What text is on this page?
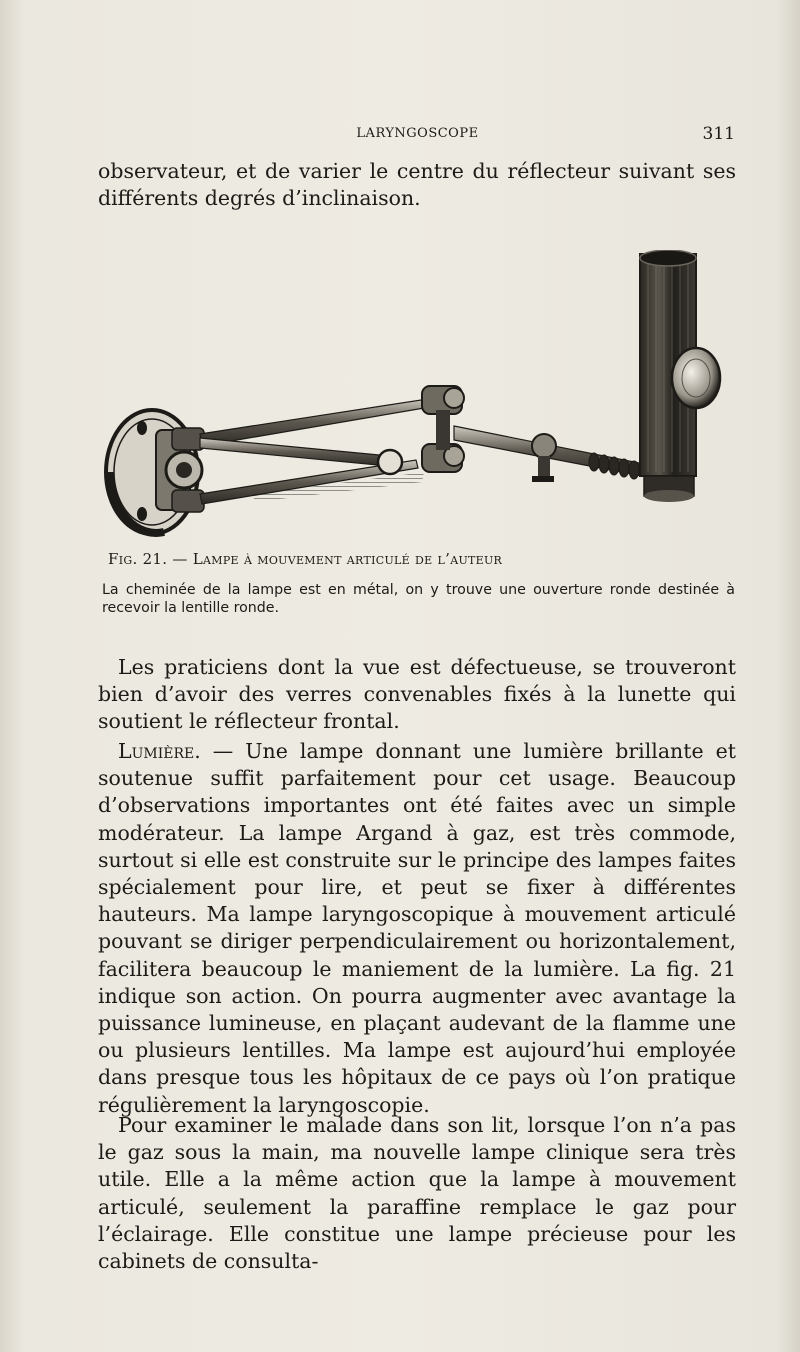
LARYNGOSCOPE	311

observateur, et de varier le centre du réflecteur suivant ses différents degrés d’inclinaison.

Fig. 21. — Lampe à mouvement articulé de l’auteur
La cheminée de la lampe est en métal, on y trouve une ouverture ronde destinée à recevoir la lentille ronde.

Les praticiens dont la vue est défectueuse, se trouveront bien d’avoir des verres convenables fixés à la lunette qui soutient le réflecteur frontal.

Lumière. — Une lampe donnant une lumière brillante et soutenue suffit parfaitement pour cet usage. Beaucoup d’observations importantes ont été faites avec un simple modérateur. La lampe Argand à gaz, est très commode, surtout si elle est construite sur le principe des lampes faites spécialement pour lire, et peut se fixer à différentes hauteurs. Ma lampe laryngoscopique à mouvement articulé pouvant se diriger perpendiculairement ou horizontalement, facilitera beaucoup le maniement de la lumière. La fig. 21 indique son action. On pourra augmenter avec avantage la puissance lumineuse, en plaçant audevant de la flamme une ou plusieurs lentilles. Ma lampe est aujourd’hui employée dans presque tous les hôpitaux de ce pays où l’on pratique régulièrement la laryngoscopie.

Pour examiner le malade dans son lit, lorsque l’on n’a pas le gaz sous la main, ma nouvelle lampe clinique sera très utile. Elle a la même action que la lampe à mouvement articulé, seulement la paraffine remplace le gaz pour l’éclairage. Elle constitue une lampe précieuse pour les cabinets de consulta-
